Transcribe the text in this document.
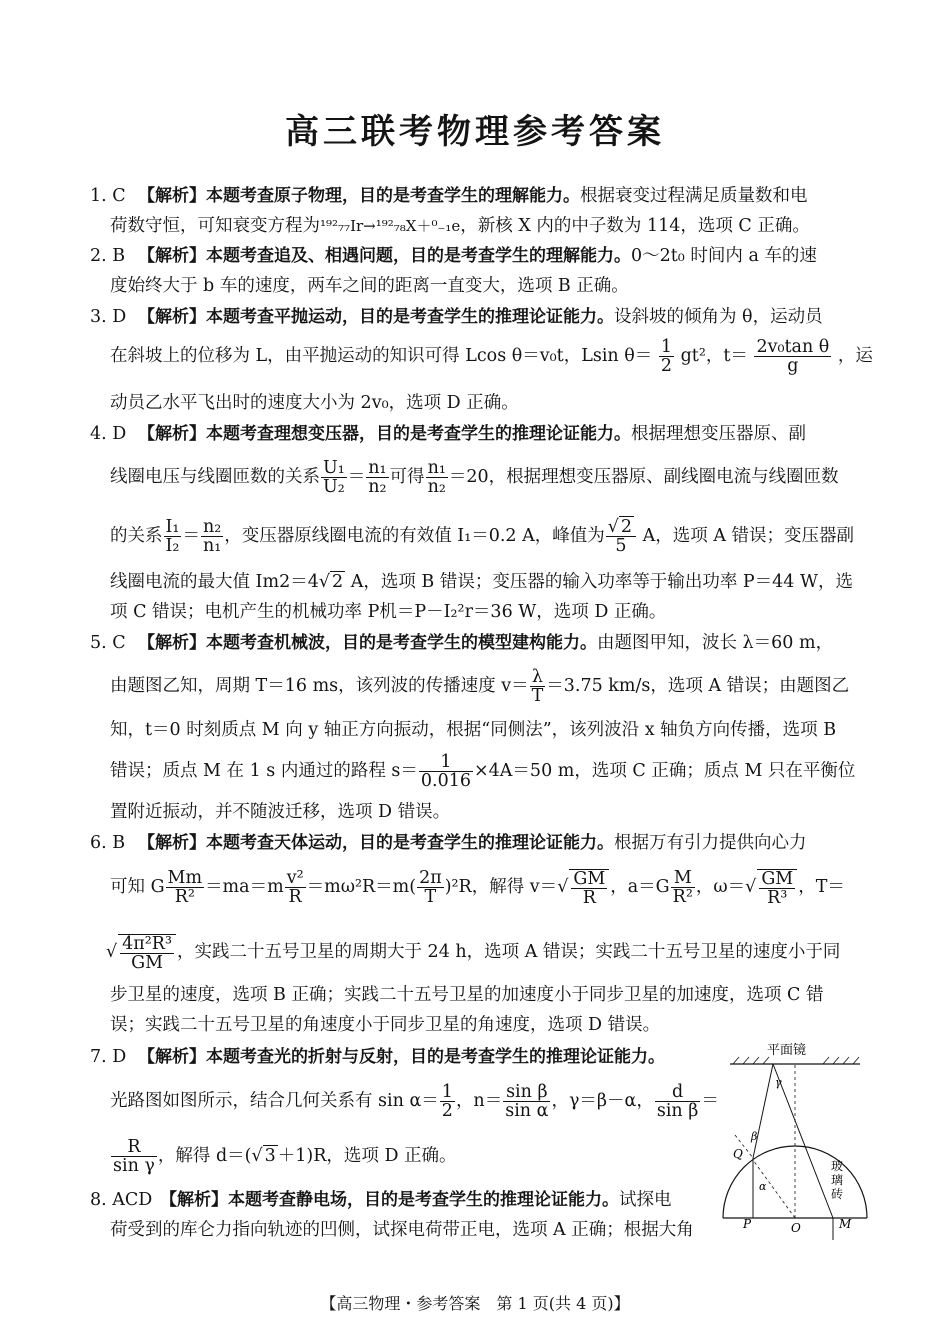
高三联考物理参考答案
1. C 【解析】本题考查原子物理，目的是考查学生的理解能力。根据衰变过程满足质量数和电
荷数守恒，可知衰变方程为¹⁹²₇₇Ir→¹⁹²₇₈X＋⁰₋₁e，新核 X 内的中子数为 114，选项 C 正确。
2. B 【解析】本题考查追及、相遇问题，目的是考查学生的理解能力。0～2t₀ 时间内 a 车的速
度始终大于 b 车的速度，两车之间的距离一直变大，选项 B 正确。
3. D 【解析】本题考查平抛运动，目的是考查学生的推理论证能力。设斜坡的倾角为 θ，运动员
在斜坡上的位移为 L，由平抛运动的知识可得 Lcos θ＝v₀t，Lsin $\theta= \frac{1}{2} gt^2$，$t= \frac{\text{2v₀tan θ}}{g}$ ，运
动员乙水平飞出时的速度大小为 2v₀，选项 D 正确。
4. D 【解析】本题考查理想变压器，目的是考查学生的推理论证能力。根据理想变压器原、副
线圈电压与线圈匝数的关系 $\frac{\text{U₁}}{\text{U₂}} = \frac{\text{n₁}}{\text{n₂}}$ 可得 $\frac{\text{n₁}}{\text{n₂}} =20$，根据理想变压器原、副线圈电流与线圈匝数
的关系 $\frac{\text{I₁}}{\text{I₂}} = \frac{\text{n₂}}{\text{n₁}}$ ，变压器原线圈电流的有效值 I₁＝0.2 A，峰值为 $\frac{√ 2}{5}$ A，选项 A 错误；变压器副
线圈电流的最大值 Im2＝4√ 2 A，选项 B 错误；变压器的输入功率等于输出功率 P＝44 W，选
项 C 错误；电机产生的机械功率 P机＝P－I₂²r＝36 W，选项 D 正确。
5. C 【解析】本题考查机械波，目的是考查学生的模型建构能力。由题图甲知，波长 λ＝60 m，
由题图乙知，周期 T＝16 ms，该列波的传播速度 $v= \frac{\lambda}{T} =3.75$ km/s，选项 A 错误；由题图乙
知，t＝0 时刻质点 M 向 y 轴正方向振动，根据“同侧法”，该列波沿 x 轴负方向传播，选项 B
错误；质点 M 在 1 s 内通过的路程 $s= \frac{1}{0.016} \times 4A=50$ m，选项 C 正确；质点 M 只在平衡位
置附近振动，并不随波迁移，选项 D 错误。
6. B 【解析】本题考查天体运动，目的是考查学生的推理论证能力。根据万有引力提供向心力
可知 G $\frac{Mm}{\text{R²}} =ma=m \frac{\text{v²}}{R} =m\omega^2R=m( \frac{2\pi}{T} )^2R$，解得 $v=√ \frac{GM}{R}$ ，$a=G \frac{M}{\text{R²}}$ ，$\omega=√ \frac{GM}{\text{R³}}$ ，T＝
√ $\frac{\text{4π²R³}}{GM}$ ，实践二十五号卫星的周期大于 24 h，选项 A 错误；实践二十五号卫星的速度小于同
步卫星的速度，选项 B 正确；实践二十五号卫星的加速度小于同步卫星的加速度，选项 C 错
误；实践二十五号卫星的角速度小于同步卫星的角速度，选项 D 错误。
7. D 【解析】本题考查光的折射与反射，目的是考查学生的推理论证能力。
光路图如图所示，结合几何关系有 $\sin \alpha= \frac{1}{2}$ ，$n= \frac{\text{sin β}}{\text{sin α}}$ ，γ＝β－α， $\frac{d}{\text{sin β}}$ ＝
$\frac{R}{\text{sin γ}}$ ，解得 d＝(√ 3 ＋1)R，选项 D 正确。
8. ACD 【解析】本题考查静电场，目的是考查学生的推理论证能力。试探电
荷受到的库仑力指向轨迹的凹侧，试探电荷带正电，选项 A 正确；根据大角
平面镜
玻
璃
砖
P	O	M
Q
α
β
γ
【高三物理・参考答案　第 1 页(共 4 页)】
